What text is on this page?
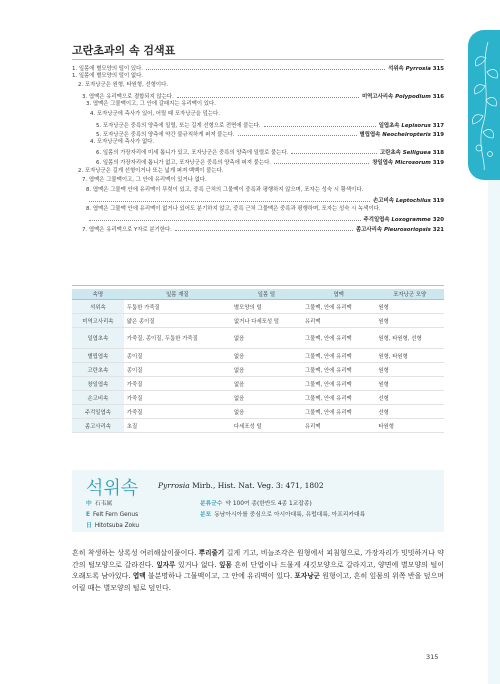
고란초과의 속 검색표
1. 잎몸에 별모양의 털이 있다.	석위속 Pyrrosia 315
1. 잎몸에 별모양의 털이 없다.
2. 포자낭군은 원형, 타원형, 선형이다.
3. 엽맥은 유리맥으로 결합되지 않는다.	미역고사리속 Polypodium 316
3. 엽맥은 그물맥이고, 그 안에 갈래지는 유리맥이 있다.
4. 포자낭군에 측사가 있어, 어릴 때 포자낭군을 덮는다.
5. 포자낭군은 중륵의 양측에 일렬, 또는 길게 선형으로 전면에 붙는다.	일엽초속 Lepisorus 317
5. 포자낭군은 중륵의 양측에 약간 불규칙하게 퍼져 붙는다.	별립엽속 Neocheiropteris 319
4. 포자낭군에 측사가 없다.
6. 잎몸의 가장자리에 미세 톱니가 있고, 포자낭군은 중륵의 양측에 일렬로 붙는다.	고란초속 Selliguea 318
6. 잎몸의 가장자리에 톱니가 없고, 포자낭군은 중륵의 양측에 퍼져 붙는다.	창일엽속 Microsorum 319
2. 포자낭군은 길게 선형이거나 또는 넓게 퍼져 백백이 붙는다.
7. 엽맥은 그물맥이고, 그 안에 유리맥이 있거나 없다.
8. 엽맥은 그물맥 안에 유리맥이 뚜렷이 있고, 중륵 근처의 그물맥이 중륵과 평행하지 않으며, 포자는 성숙 시 황색이다.
손고비속 Leptochilus 319
8. 엽맥은 그물맥 안에 유리맥이 없거나 있어도 분기하지 않고, 중륵 근처 그물맥은 중륵과 평행하며, 포자는 성숙 시 녹색이다.
주걱일엽속 Loxogramme 320
7. 엽맥은 유리맥으로 Y자로 분기한다.	좀고사리속 Pleurosoriopsis 321
속명	잎몸 재질	잎몸 털	엽맥	포자낭군 모양
석위속	두툼한 가죽질	별모양의 털	그물맥, 안에 유리맥	원형
미역고사리속	얇은 종이질	없거나 다세포성 털	유리맥	원형
일엽초속	가죽질, 종이질, 두툼한 가죽질	없음	그물맥, 안에 유리맥	원형, 타원형, 선형
별립엽속	종이질	없음	그물맥, 안에 유리맥	원형, 타원형
고란초속	종이질	없음	그물맥, 안에 유리맥	원형
창일엽속	가죽질	없음	그물맥, 안에 유리맥	원형
손고비속	가죽질	없음	그물맥, 안에 유리맥	선형
주걱일엽속	가죽질	없음	그물맥, 안에 유리맥	선형
좀고사리속	초질	다세포성 털	유리맥	타원형
석위속	Pyrrosia Mirb., Hist. Nat. Veg. 3: 471, 1802
中 石韦属
E Felt Fern Genus
日 Hitotsuba Zoku
분류군수 약 100여 종(한반도 4종 1교잡종)
분포 동남아시아를 중심으로 아시아대륙, 유럽대륙, 아프리카대륙
흔히 착생하는 상록성 여러해살이풀이다. 뿌리줄기 길게 기고, 비늘조각은 원형에서 피침형으로, 가장자리가 밋밋하거나 약간의 털모양으로 갈라진다. 잎자루 있거나 없다. 잎몸 흔히 단엽이나 드물게 새깃모양으로 갈라지고, 양면에 별모양의 털이 오래도록 남아있다. 엽맥 불분명하나 그물맥이고, 그 안에 유리맥이 있다. 포자낭군 원형이고, 흔히 잎몸의 위쪽 반을 덮으며 어릴 때는 별모양의 털로 덮인다.
315
